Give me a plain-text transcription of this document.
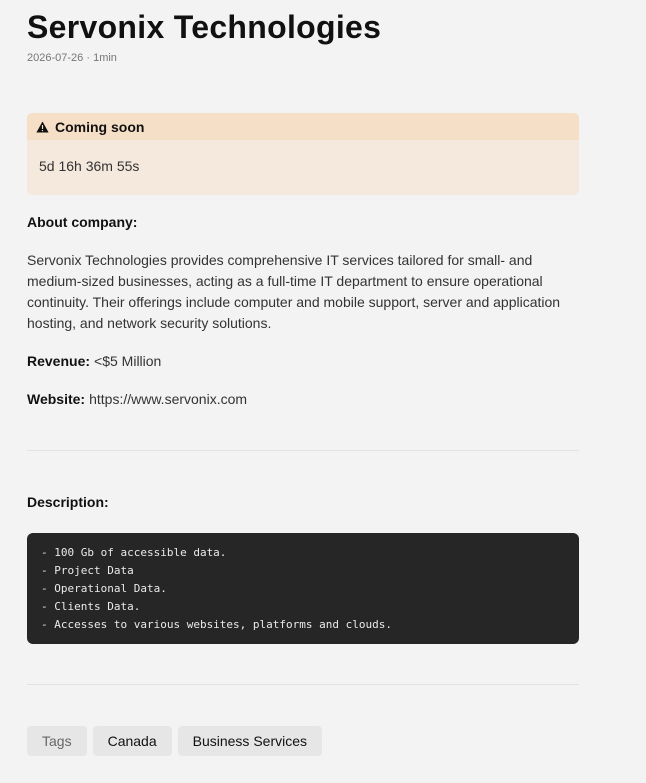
Servonix Technologies
2026-07-26 · 1min
Coming soon
5d 16h 36m 55s
About company:

Servonix Technologies provides comprehensive IT services tailored for small- and medium-sized businesses, acting as a full-time IT department to ensure operational continuity. Their offerings include computer and mobile support, server and application hosting, and network security solutions.

Revenue: <$5 Million
Website: https://www.servonix.com
Description:
- 100 Gb of accessible data.
- Project Data
- Operational Data.
- Clients Data.
- Accesses to various websites, platforms and clouds.
Tags	Canada	Business Services
